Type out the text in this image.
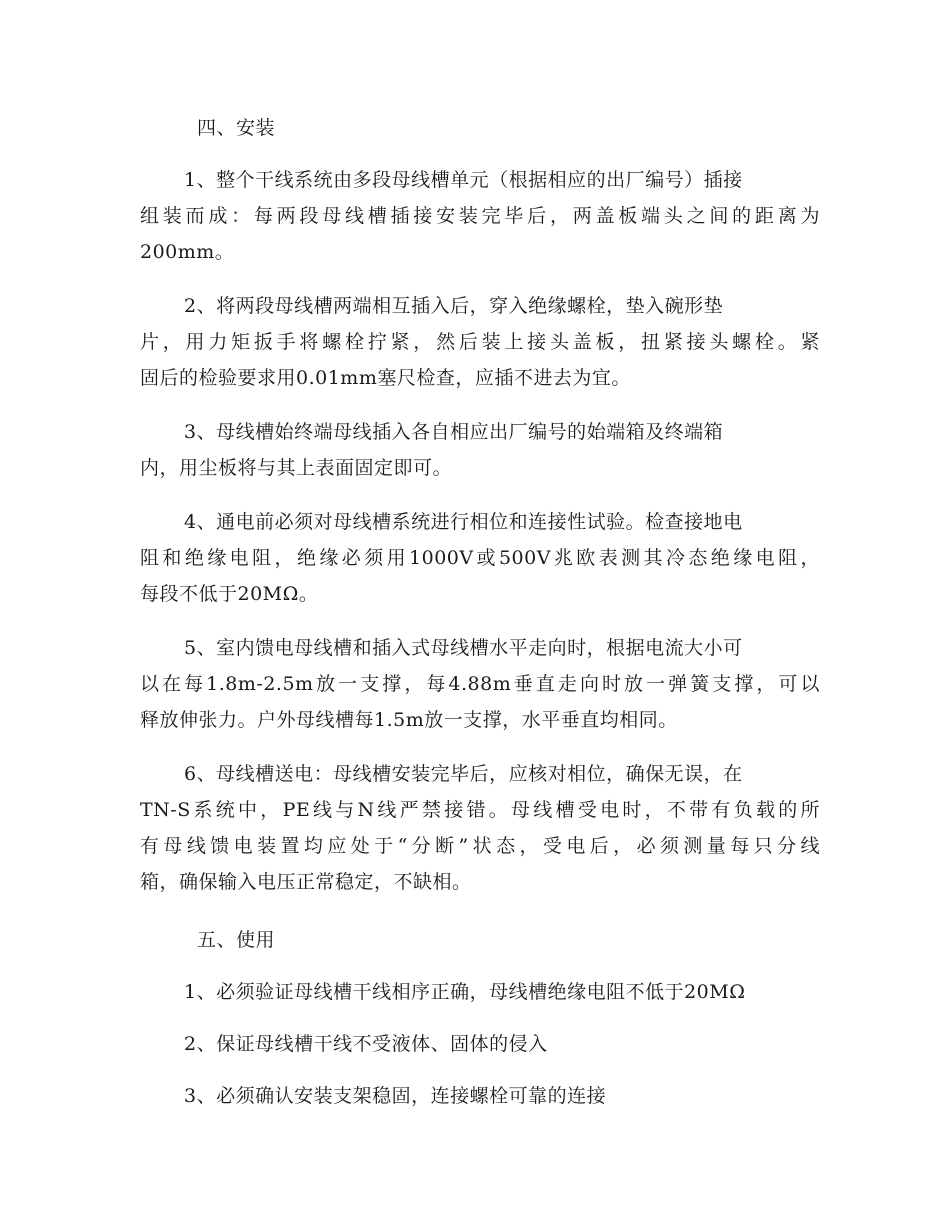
四、安装
1、整个干线系统由多段母线槽单元（根据相应的出厂编号）插接
组装而成：每两段母线槽插接安装完毕后，两盖板端头之间的距离为
200mm。
2、将两段母线槽两端相互插入后，穿入绝缘螺栓，垫入碗形垫
片，用力矩扳手将螺栓拧紧，然后装上接头盖板，扭紧接头螺栓。紧
固后的检验要求用0.01mm塞尺检查，应插不进去为宜。
3、母线槽始终端母线插入各自相应出厂编号的始端箱及终端箱
内，用尘板将与其上表面固定即可。
4、通电前必须对母线槽系统进行相位和连接性试验。检查接地电
阻和绝缘电阻，绝缘必须用1000V或500V兆欧表测其冷态绝缘电阻，
每段不低于20MΩ。
5、室内馈电母线槽和插入式母线槽水平走向时，根据电流大小可
以在每1.8m-2.5m放一支撑，每4.88m垂直走向时放一弹簧支撑，可以
释放伸张力。户外母线槽每1.5m放一支撑，水平垂直均相同。
6、母线槽送电：母线槽安装完毕后，应核对相位，确保无误，在
TN-S系统中，PE线与N线严禁接错。母线槽受电时，不带有负载的所
有母线馈电装置均应处于“分断”状态，受电后，必须测量每只分线
箱，确保输入电压正常稳定，不缺相。
五、使用
1、必须验证母线槽干线相序正确，母线槽绝缘电阻不低于20MΩ
2、保证母线槽干线不受液体、固体的侵入
3、必须确认安装支架稳固，连接螺栓可靠的连接
